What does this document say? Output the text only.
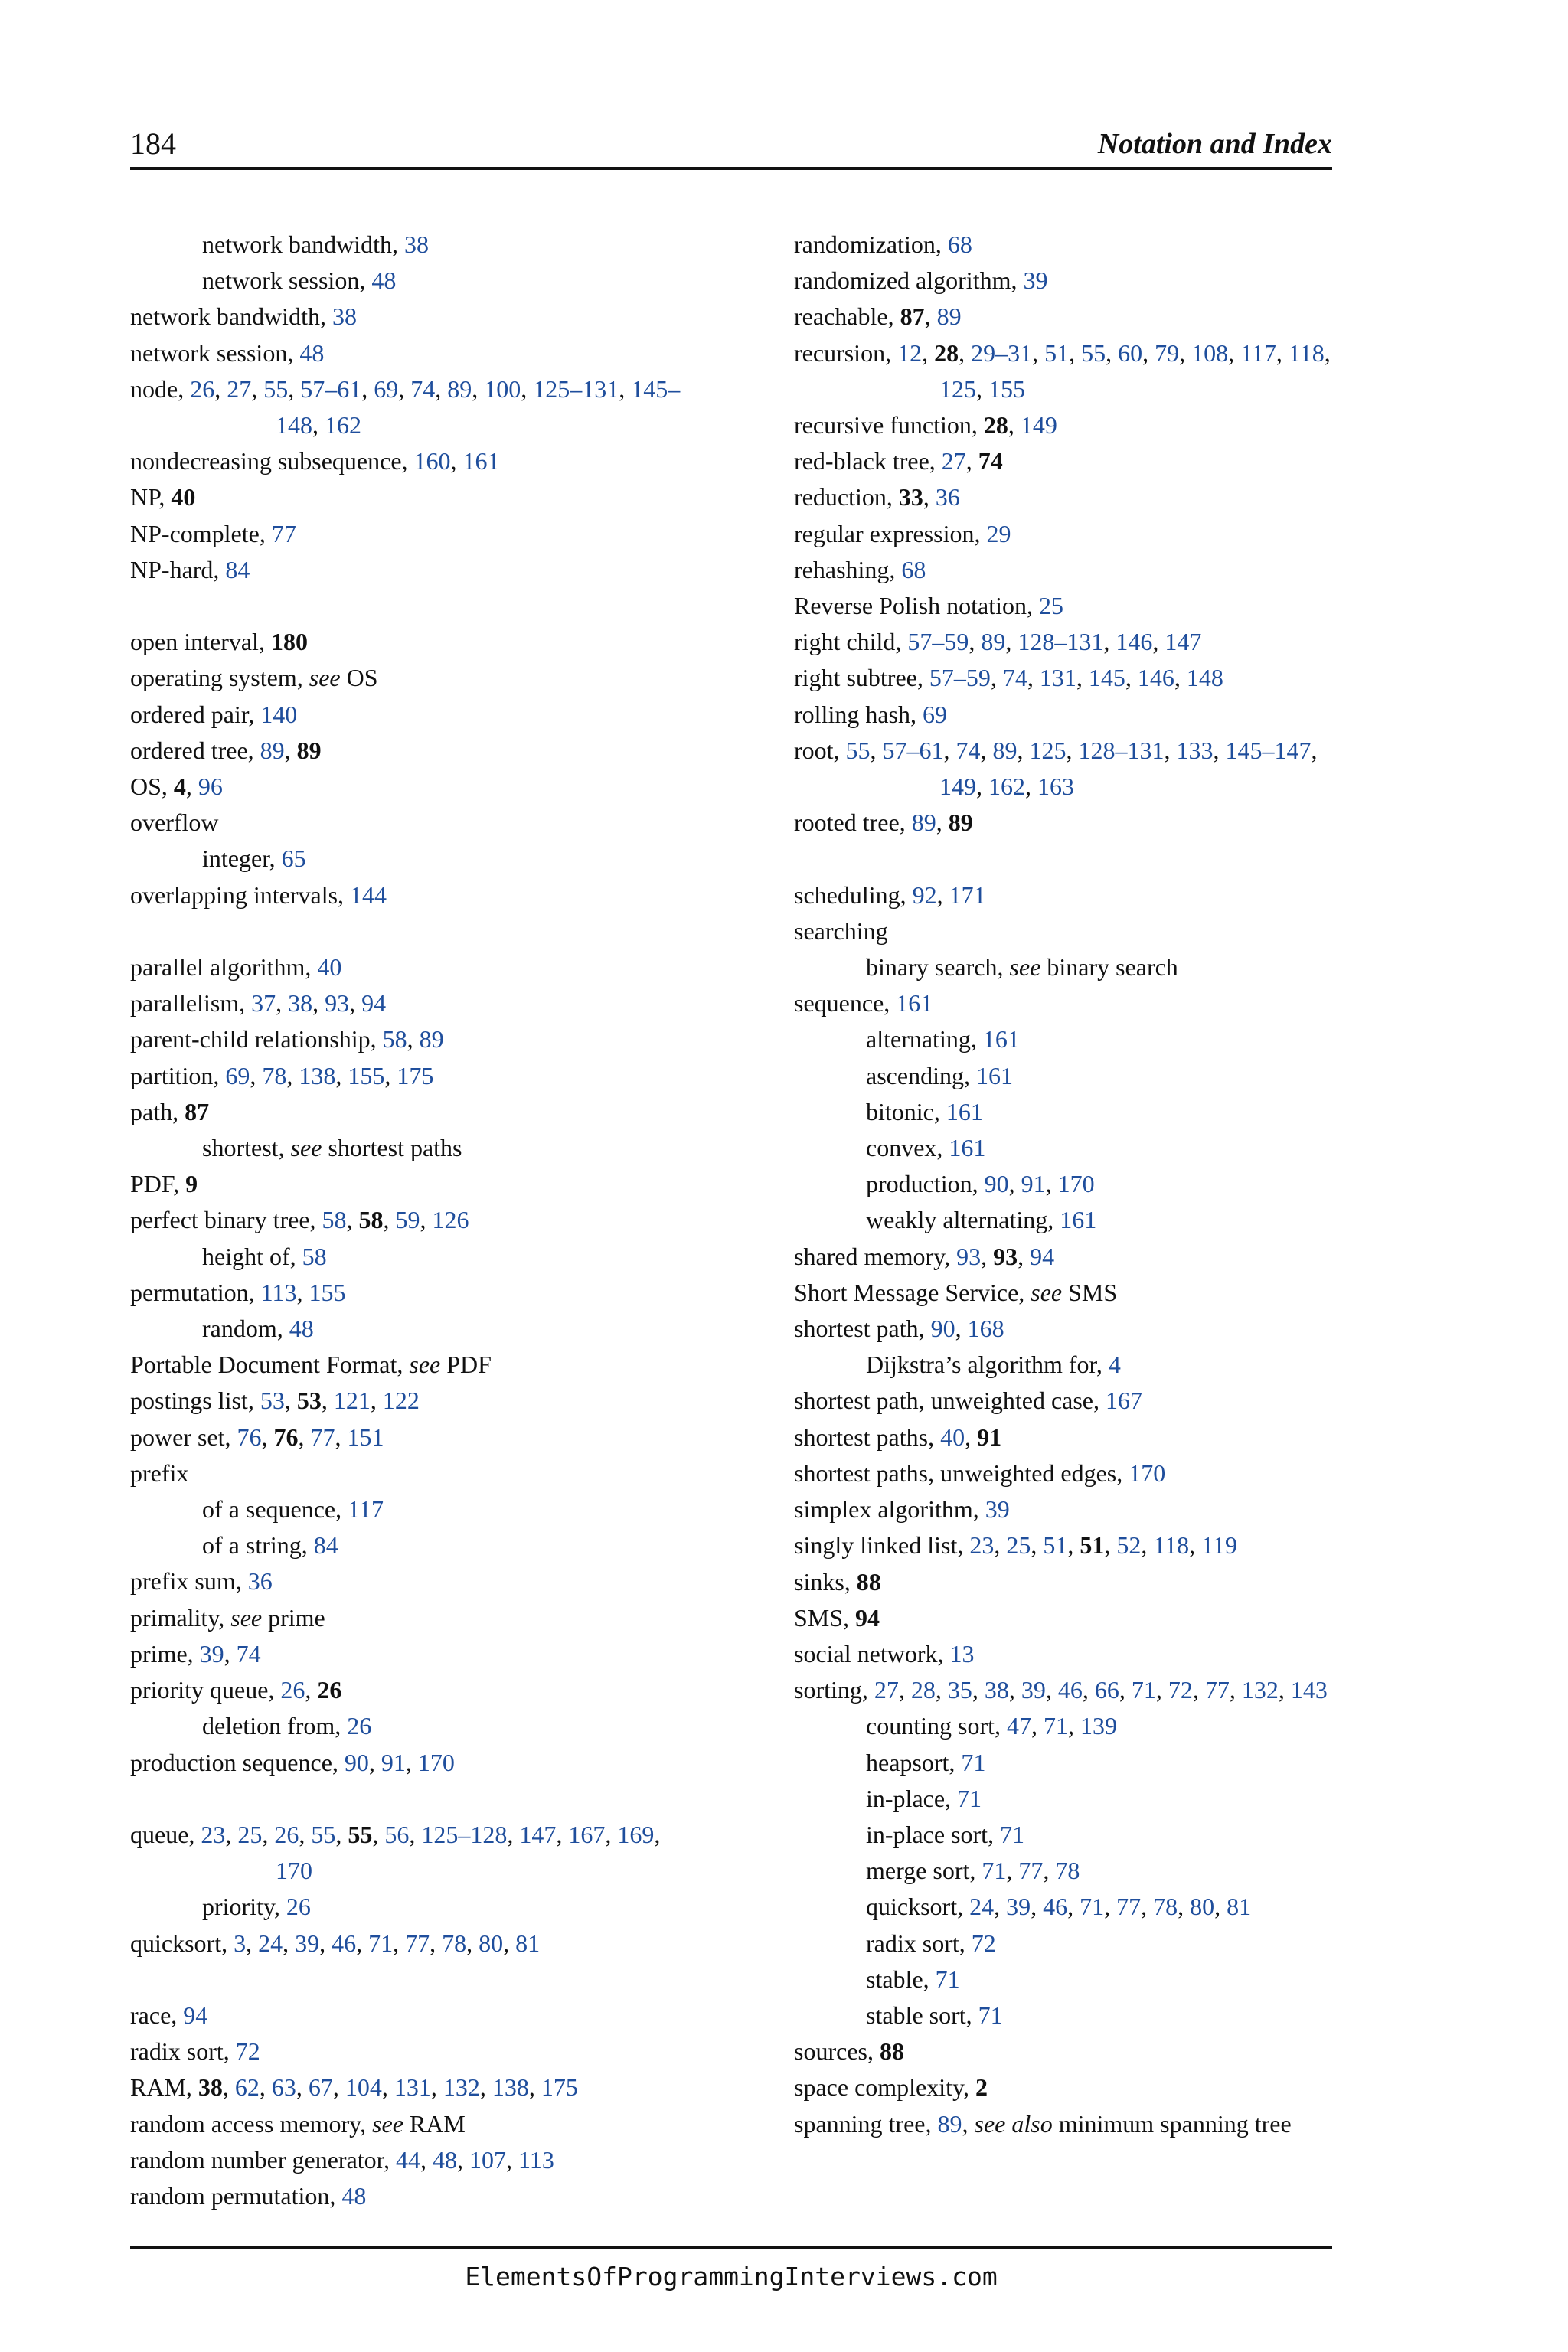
184	Notation and Index

network bandwidth, 38

network session, 48

network bandwidth, 38

network session, 48

node, 26, 27, 55, 57–61, 69, 74, 89, 100, 125–131, 145–148, 162

nondecreasing subsequence, 160, 161

NP, 40

NP-complete, 77

NP-hard, 84

open interval, 180

operating system, see OS

ordered pair, 140

ordered tree, 89, 89

OS, 4, 96

overflow

integer, 65

overlapping intervals, 144

parallel algorithm, 40

parallelism, 37, 38, 93, 94

parent-child relationship, 58, 89

partition, 69, 78, 138, 155, 175

path, 87

shortest, see shortest paths

PDF, 9

perfect binary tree, 58, 58, 59, 126

height of, 58

permutation, 113, 155

random, 48

Portable Document Format, see PDF

postings list, 53, 53, 121, 122

power set, 76, 76, 77, 151

prefix

of a sequence, 117

of a string, 84

prefix sum, 36

primality, see prime

prime, 39, 74

priority queue, 26, 26

deletion from, 26

production sequence, 90, 91, 170

queue, 23, 25, 26, 55, 55, 56, 125–128, 147, 167, 169, 170

priority, 26

quicksort, 3, 24, 39, 46, 71, 77, 78, 80, 81

race, 94

radix sort, 72

RAM, 38, 62, 63, 67, 104, 131, 132, 138, 175

random access memory, see RAM

random number generator, 44, 48, 107, 113

random permutation, 48

randomization, 68

randomized algorithm, 39

reachable, 87, 89

recursion, 12, 28, 29–31, 51, 55, 60, 79, 108, 117, 118, 125, 155

recursive function, 28, 149

red-black tree, 27, 74

reduction, 33, 36

regular expression, 29

rehashing, 68

Reverse Polish notation, 25

right child, 57–59, 89, 128–131, 146, 147

right subtree, 57–59, 74, 131, 145, 146, 148

rolling hash, 69

root, 55, 57–61, 74, 89, 125, 128–131, 133, 145–147, 149, 162, 163

rooted tree, 89, 89

scheduling, 92, 171

searching

binary search, see binary search

sequence, 161

alternating, 161

ascending, 161

bitonic, 161

convex, 161

production, 90, 91, 170

weakly alternating, 161

shared memory, 93, 93, 94

Short Message Service, see SMS

shortest path, 90, 168

Dijkstra’s algorithm for, 4

shortest path, unweighted case, 167

shortest paths, 40, 91

shortest paths, unweighted edges, 170

simplex algorithm, 39

singly linked list, 23, 25, 51, 51, 52, 118, 119

sinks, 88

SMS, 94

social network, 13

sorting, 27, 28, 35, 38, 39, 46, 66, 71, 72, 77, 132, 143

counting sort, 47, 71, 139

heapsort, 71

in-place, 71

in-place sort, 71

merge sort, 71, 77, 78

quicksort, 24, 39, 46, 71, 77, 78, 80, 81

radix sort, 72

stable, 71

stable sort, 71

sources, 88

space complexity, 2

spanning tree, 89, see also minimum spanning tree

ElementsOfProgrammingInterviews.com
